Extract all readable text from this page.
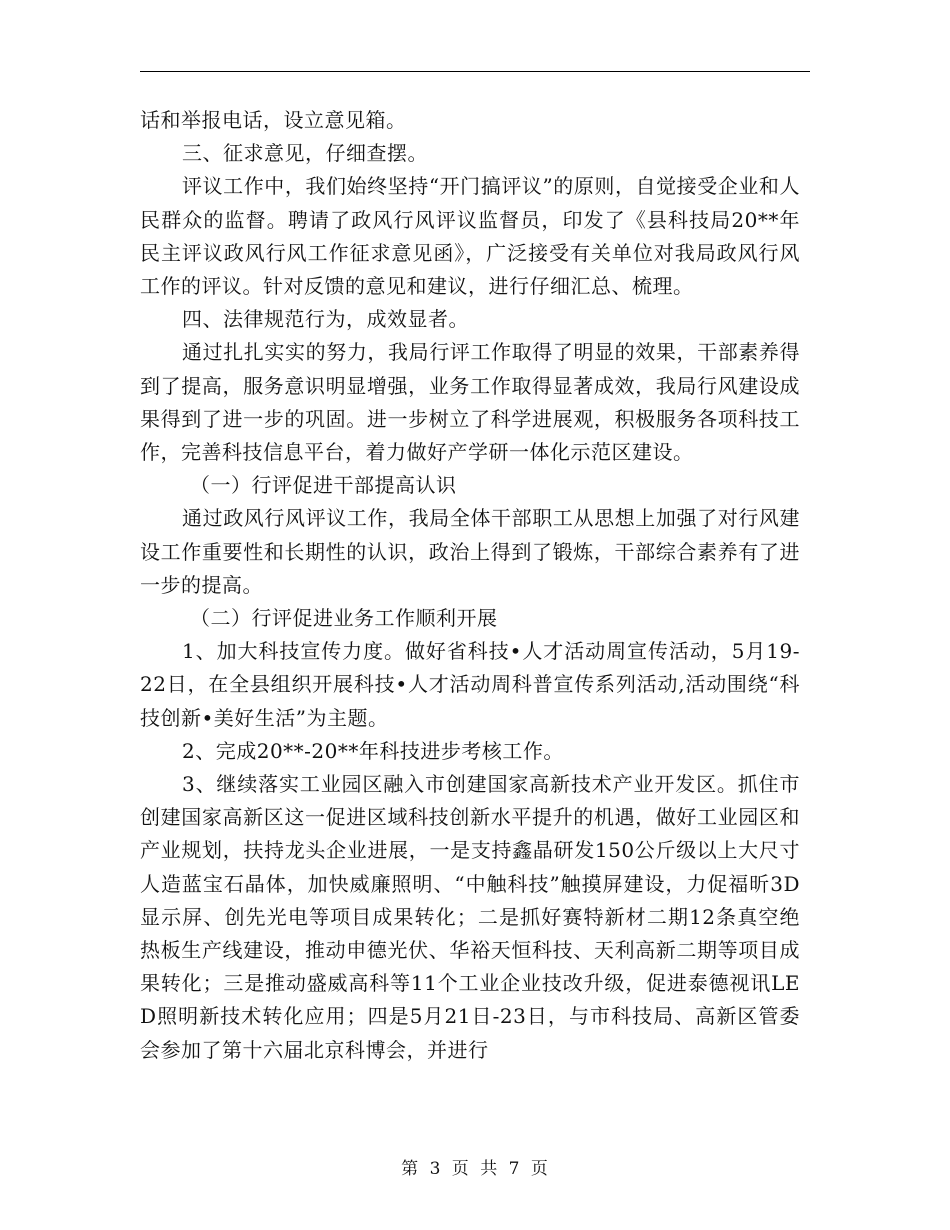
话和举报电话，设立意见箱。

三、征求意见，仔细查摆。

评议工作中，我们始终坚持“开门搞评议”的原则，自觉接受企业和人民群众的监督。聘请了政风行风评议监督员，印发了《县科技局20**年民主评议政风行风工作征求意见函》，广泛接受有关单位对我局政风行风工作的评议。针对反馈的意见和建议，进行仔细汇总、梳理。

四、法律规范行为，成效显者。

通过扎扎实实的努力，我局行评工作取得了明显的效果，干部素养得到了提高，服务意识明显增强，业务工作取得显著成效，我局行风建设成果得到了进一步的巩固。进一步树立了科学进展观，积极服务各项科技工作，完善科技信息平台，着力做好产学研一体化示范区建设。

（一）行评促进干部提高认识

通过政风行风评议工作，我局全体干部职工从思想上加强了对行风建设工作重要性和长期性的认识，政治上得到了锻炼，干部综合素养有了进一步的提高。

（二）行评促进业务工作顺利开展

1、加大科技宣传力度。做好省科技•人才活动周宣传活动，5月19-22日，在全县组织开展科技•人才活动周科普宣传系列活动,活动围绕“科技创新•美好生活”为主题。

2、完成20**-20**年科技进步考核工作。

3、继续落实工业园区融入市创建国家高新技术产业开发区。抓住市创建国家高新区这一促进区域科技创新水平提升的机遇，做好工业园区和产业规划，扶持龙头企业进展，一是支持鑫晶研发150公斤级以上大尺寸人造蓝宝石晶体，加快威廉照明、“中触科技”触摸屏建设，力促福昕3D显示屏、创先光电等项目成果转化；二是抓好赛特新材二期12条真空绝热板生产线建设，推动申德光伏、华裕天恒科技、天利高新二期等项目成果转化；三是推动盛威高科等11个工业企业技改升级，促进泰德视讯LED照明新技术转化应用；四是5月21日-23日，与市科技局、高新区管委会参加了第十六届北京科博会，并进行

第 3 页 共 7 页
